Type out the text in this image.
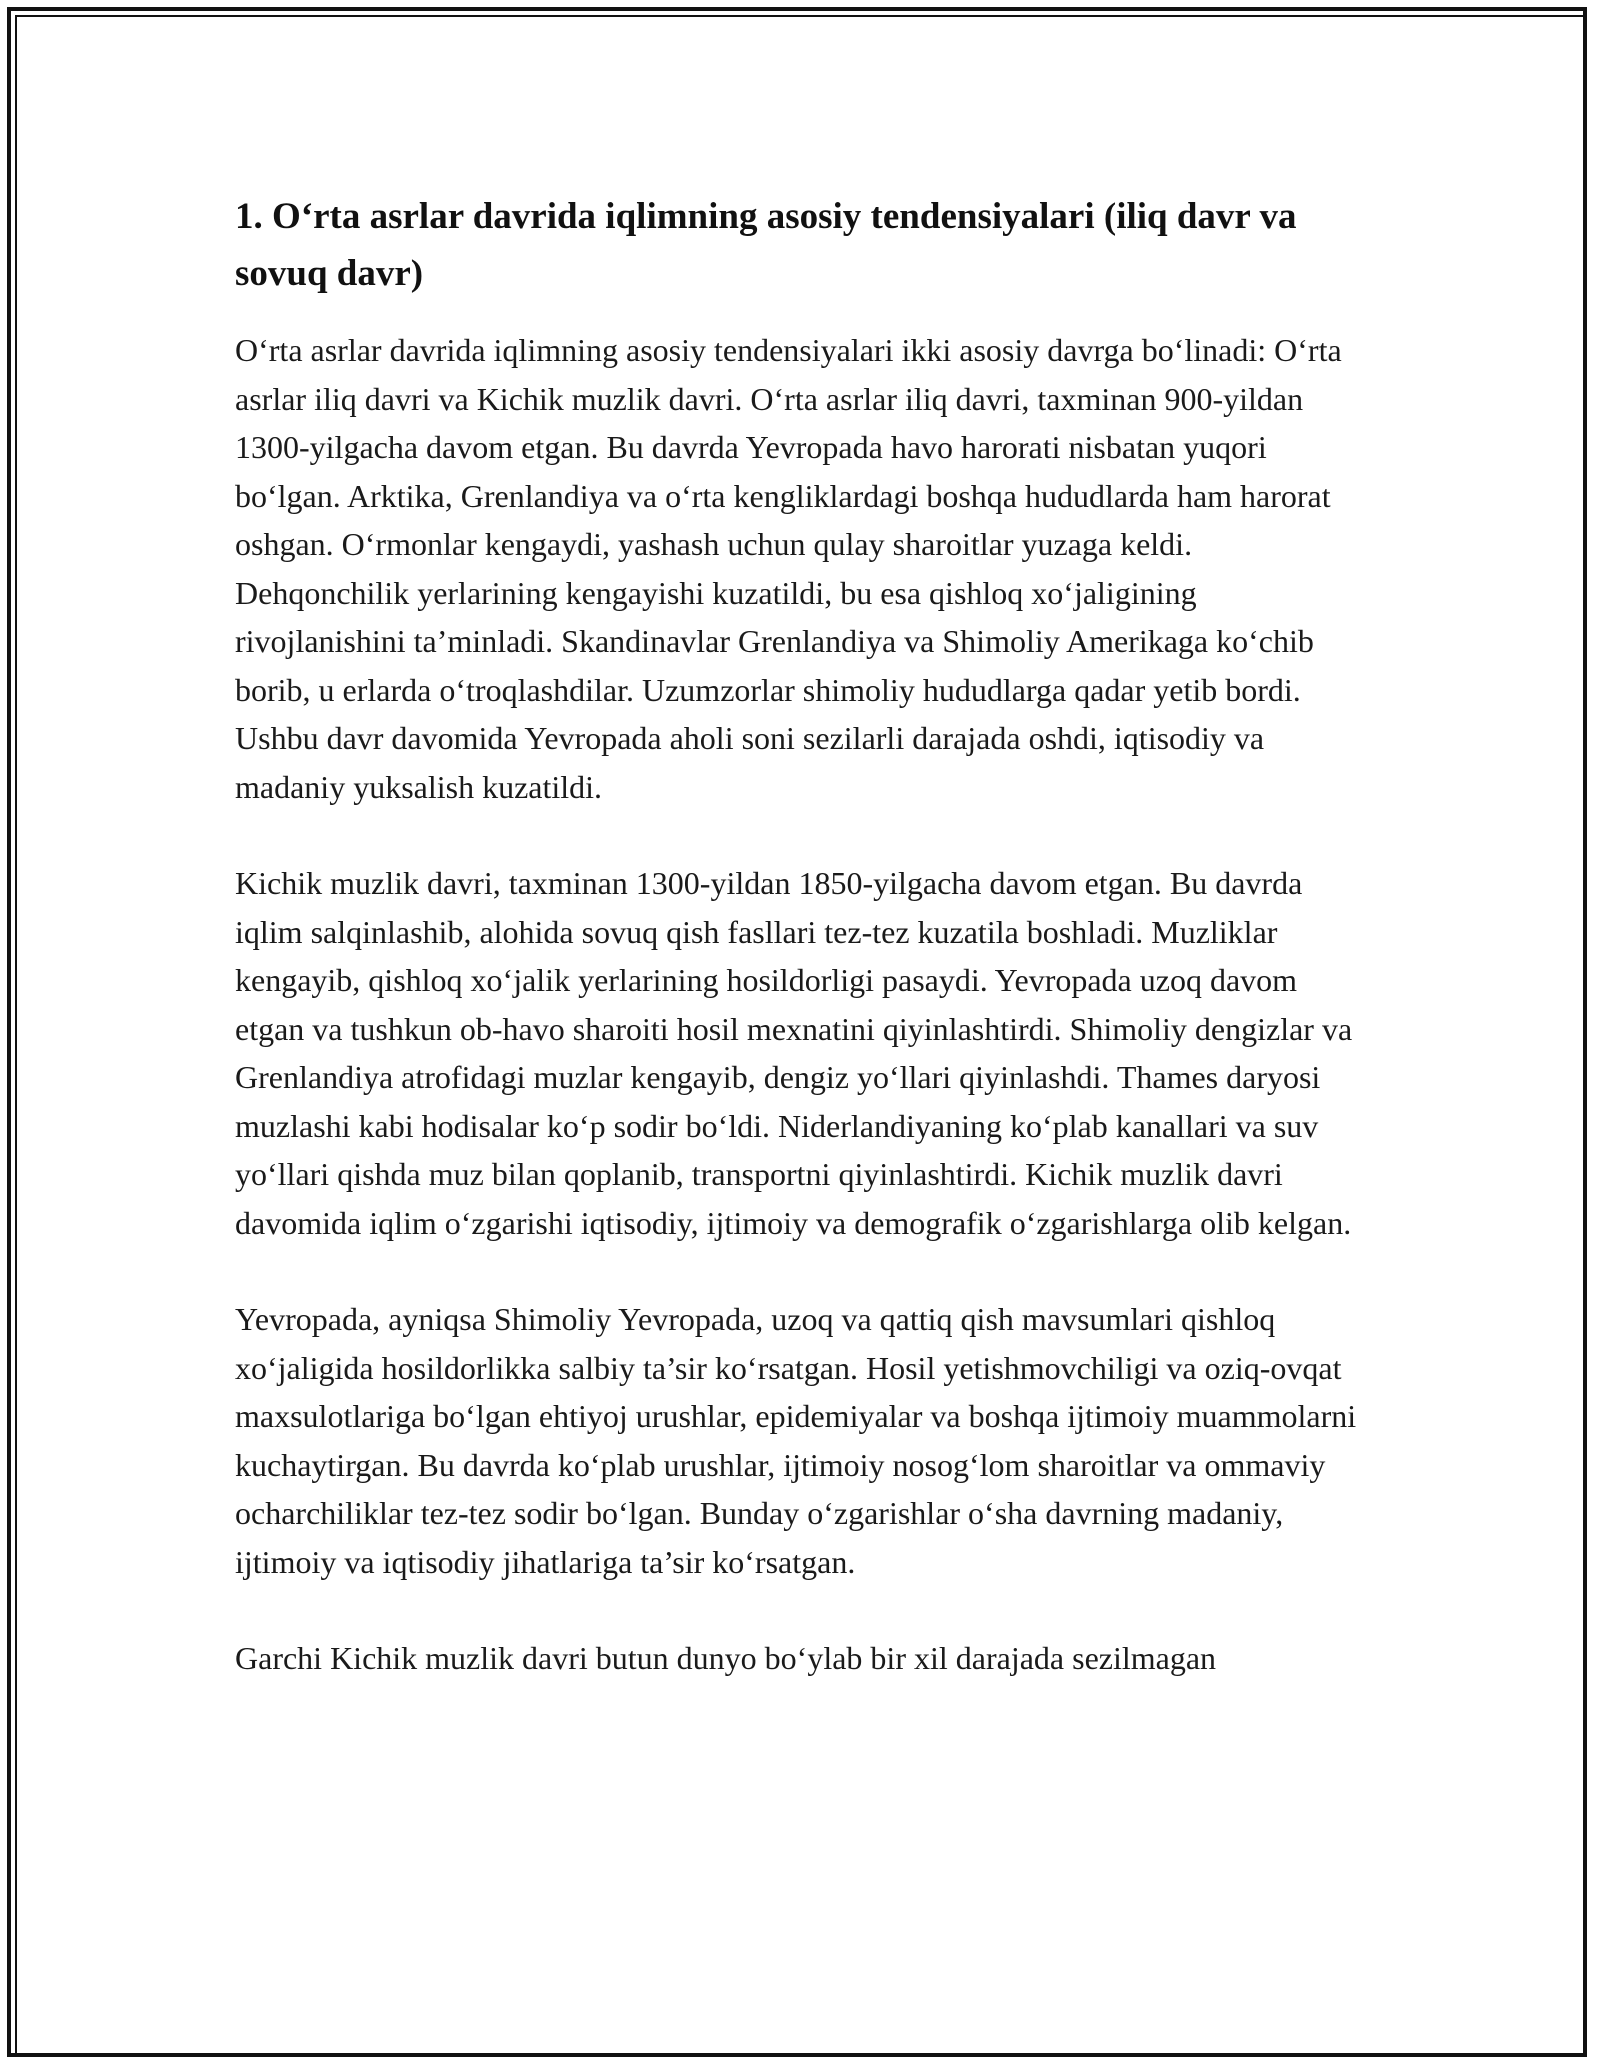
1. O‘rta asrlar davrida iqlimning asosiy tendensiyalari (iliq davr va sovuq davr)

O‘rta asrlar davrida iqlimning asosiy tendensiyalari ikki asosiy davrga bo‘linadi: O‘rta asrlar iliq davri va Kichik muzlik davri. O‘rta asrlar iliq davri, taxminan 900-yildan 1300-yilgacha davom etgan. Bu davrda Yevropada havo harorati nisbatan yuqori bo‘lgan. Arktika, Grenlandiya va o‘rta kengliklardagi boshqa hududlarda ham harorat oshgan. O‘rmonlar kengaydi, yashash uchun qulay sharoitlar yuzaga keldi. Dehqonchilik yerlarining kengayishi kuzatildi, bu esa qishloq xo‘jaligining rivojlanishini ta’minladi. Skandinavlar Grenlandiya va Shimoliy Amerikaga ko‘chib borib, u erlarda o‘troqlashdilar. Uzumzorlar shimoliy hududlarga qadar yetib bordi. Ushbu davr davomida Yevropada aholi soni sezilarli darajada oshdi, iqtisodiy va madaniy yuksalish kuzatildi.

Kichik muzlik davri, taxminan 1300-yildan 1850-yilgacha davom etgan. Bu davrda iqlim salqinlashib, alohida sovuq qish fasllari tez-tez kuzatila boshladi. Muzliklar kengayib, qishloq xo‘jalik yerlarining hosildorligi pasaydi. Yevropada uzoq davom etgan va tushkun ob-havo sharoiti hosil mexnatini qiyinlashtirdi. Shimoliy dengizlar va Grenlandiya atrofidagi muzlar kengayib, dengiz yo‘llari qiyinlashdi. Thames daryosi muzlashi kabi hodisalar ko‘p sodir bo‘ldi. Niderlandiyaning ko‘plab kanallari va suv yo‘llari qishda muz bilan qoplanib, transportni qiyinlashtirdi. Kichik muzlik davri davomida iqlim o‘zgarishi iqtisodiy, ijtimoiy va demografik o‘zgarishlarga olib kelgan.

Yevropada, ayniqsa Shimoliy Yevropada, uzoq va qattiq qish mavsumlari qishloq xo‘jaligida hosildorlikka salbiy ta’sir ko‘rsatgan. Hosil yetishmovchiligi va oziq-ovqat maxsulotlariga bo‘lgan ehtiyoj urushlar, epidemiyalar va boshqa ijtimoiy muammolarni kuchaytirgan. Bu davrda ko‘plab urushlar, ijtimoiy nosog‘lom sharoitlar va ommaviy ocharchiliklar tez-tez sodir bo‘lgan. Bunday o‘zgarishlar o‘sha davrning madaniy, ijtimoiy va iqtisodiy jihatlariga ta’sir ko‘rsatgan.

Garchi Kichik muzlik davri butun dunyo bo‘ylab bir xil darajada sezilmagan
